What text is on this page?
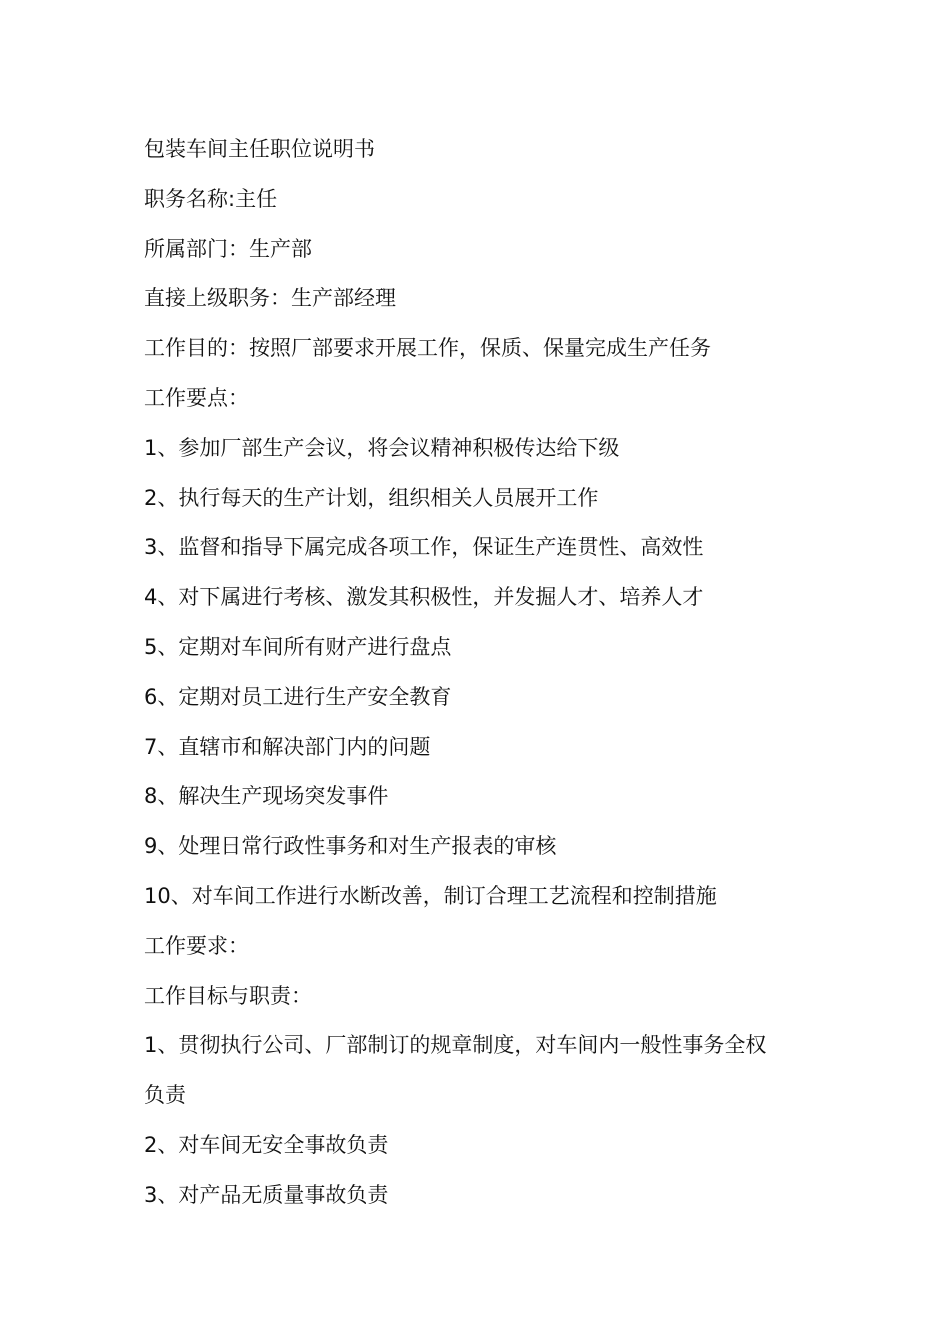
包装车间主任职位说明书
职务名称:主任
所属部门：生产部
直接上级职务：生产部经理
工作目的：按照厂部要求开展工作，保质、保量完成生产任务
工作要点：
1、参加厂部生产会议，将会议精神积极传达给下级
2、执行每天的生产计划，组织相关人员展开工作
3、监督和指导下属完成各项工作，保证生产连贯性、高效性
4、对下属进行考核、激发其积极性，并发掘人才、培养人才
5、定期对车间所有财产进行盘点
6、定期对员工进行生产安全教育
7、直辖市和解决部门内的问题
8、解决生产现场突发事件
9、处理日常行政性事务和对生产报表的审核
10、对车间工作进行水断改善，制订合理工艺流程和控制措施
工作要求：
工作目标与职责：
1、贯彻执行公司、厂部制订的规章制度，对车间内一般性事务全权
负责
2、对车间无安全事故负责
3、对产品无质量事故负责
